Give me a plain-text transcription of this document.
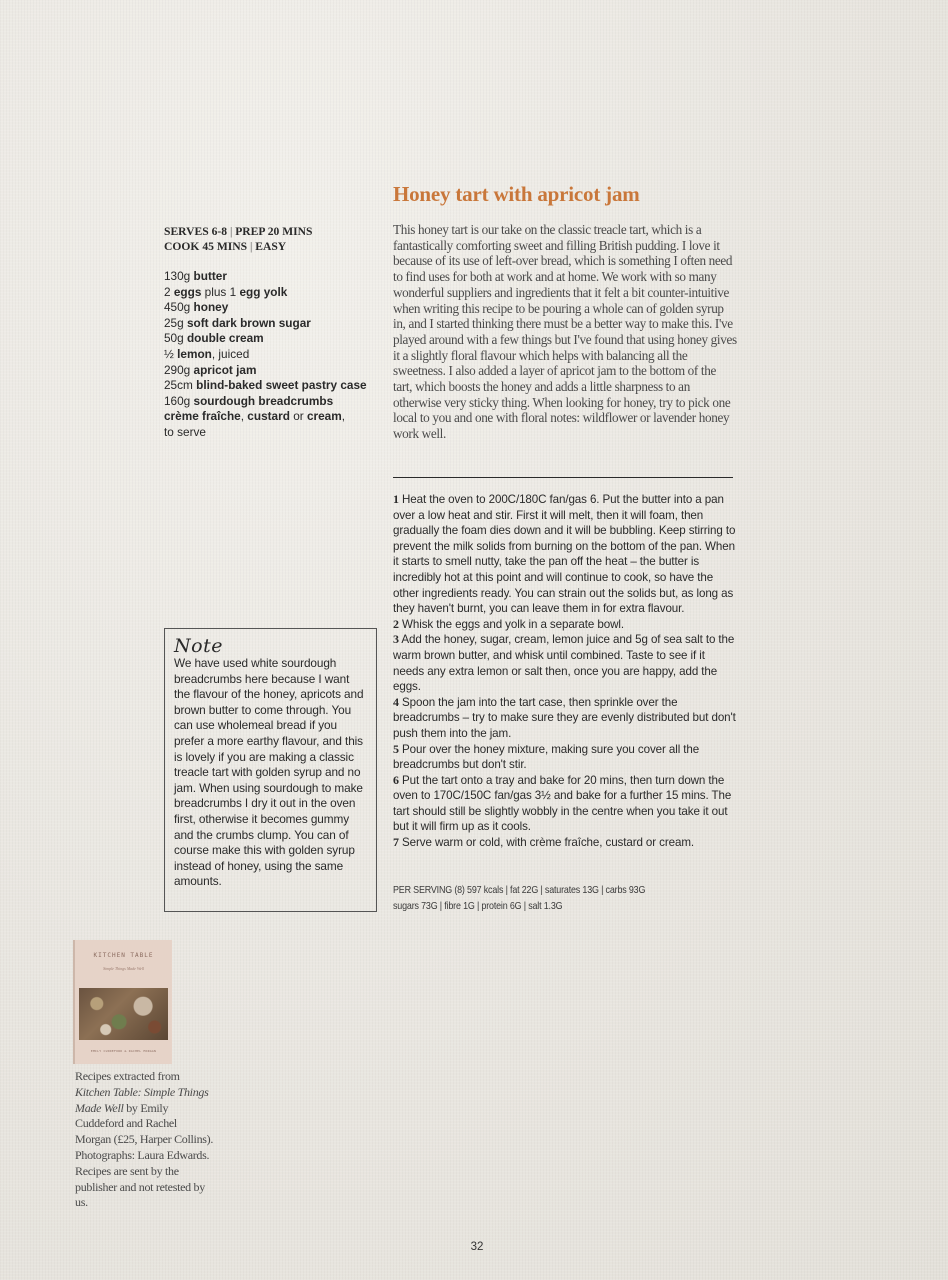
Honey tart with apricot jam
SERVES 6-8 | PREP 20 MINS
COOK 45 MINS | EASY
130g butter
2 eggs plus 1 egg yolk
450g honey
25g soft dark brown sugar
50g double cream
½ lemon, juiced
290g apricot jam
25cm blind-baked sweet pastry case
160g sourdough breadcrumbs
crème fraîche, custard or cream,
to serve

This honey tart is our take on the classic treacle tart, which is a fantastically comforting sweet and filling British pudding. I love it because of its use of left-over bread, which is something I often need to find uses for both at work and at home. We work with so many wonderful suppliers and ingredients that it felt a bit counter-intuitive when writing this recipe to be pouring a whole can of golden syrup in, and I started thinking there must be a better way to make this. I've played around with a few things but I've found that using honey gives it a slightly floral flavour which helps with balancing all the sweetness. I also added a layer of apricot jam to the bottom of the tart, which boosts the honey and adds a little sharpness to an otherwise very sticky thing. When looking for honey, try to pick one local to you and one with floral notes: wildflower or lavender honey work well.

1 Heat the oven to 200C/180C fan/gas 6. Put the butter into a pan over a low heat and stir. First it will melt, then it will foam, then gradually the foam dies down and it will be bubbling. Keep stirring to prevent the milk solids from burning on the bottom of the pan. When it starts to smell nutty, take the pan off the heat – the butter is incredibly hot at this point and will continue to cook, so have the other ingredients ready. You can strain out the solids but, as long as they haven't burnt, you can leave them in for extra flavour.
2 Whisk the eggs and yolk in a separate bowl.
3 Add the honey, sugar, cream, lemon juice and 5g of sea salt to the warm brown butter, and whisk until combined. Taste to see if it needs any extra lemon or salt then, once you are happy, add the eggs.
4 Spoon the jam into the tart case, then sprinkle over the breadcrumbs – try to make sure they are evenly distributed but don't push them into the jam.
5 Pour over the honey mixture, making sure you cover all the breadcrumbs but don't stir.
6 Put the tart onto a tray and bake for 20 mins, then turn down the oven to 170C/150C fan/gas 3½ and bake for a further 15 mins. The tart should still be slightly wobbly in the centre when you take it out but it will firm up as it cools.
7 Serve warm or cold, with crème fraîche, custard or cream.
PER SERVING (8) 597 kcals | fat 22G | saturates 13G | carbs 93G
sugars 73G | fibre 1G | protein 6G | salt 1.3G
Note

We have used white sourdough breadcrumbs here because I want the flavour of the honey, apricots and brown butter to come through. You can use wholemeal bread if you prefer a more earthy flavour, and this is lovely if you are making a classic treacle tart with golden syrup and no jam. When using sourdough to make breadcrumbs I dry it out in the oven first, otherwise it becomes gummy and the crumbs clump. You can of course make this with golden syrup instead of honey, using the same amounts.

KITCHEN TABLE
Simple Things Made Well
EMILY CUDDEFORD & RACHEL MORGAN

Recipes extracted from Kitchen Table: Simple Things Made Well by Emily Cuddeford and Rachel Morgan (£25, Harper Collins). Photographs: Laura Edwards. Recipes are sent by the publisher and not retested by us.

32
